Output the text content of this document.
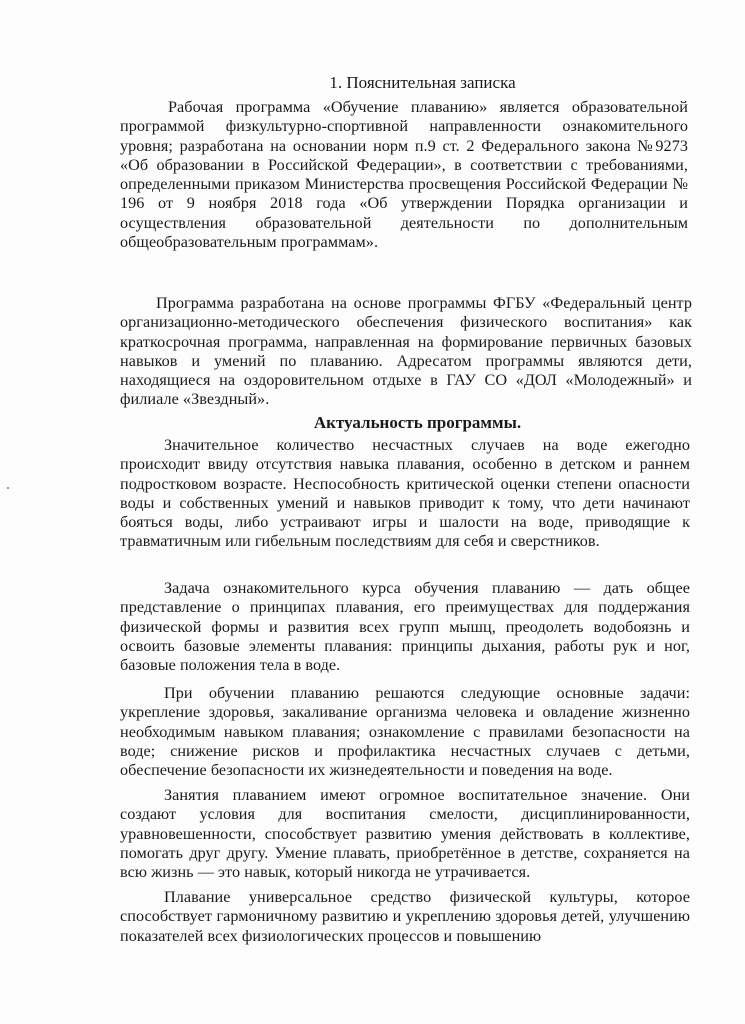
1. Пояснительная записка
Рабочая программа «Обучение плаванию» является образовательной программой физкультурно-спортивной направленности ознакомительного уровня; разработана на основании норм п.9 ст. 2 Федерального закона №9273 «Об образовании в Российской Федерации», в соответствии с требованиями, определенными приказом Министерства просвещения Российской Федерации № 196 от 9 ноября 2018 года «Об утверждении Порядка организации и осуществления образовательной деятельности по дополнительным общеобразовательным программам».
Программа разработана на основе программы ФГБУ «Федеральный центр организационно-методического обеспечения физического воспитания» как краткосрочная программа, направленная на формирование первичных базовых навыков и умений по плаванию. Адресатом программы являются дети, находящиеся на оздоровительном отдыхе в ГАУ СО «ДОЛ «Молодежный» и филиале «Звездный».
Актуальность программы.
Значительное количество несчастных случаев на воде ежегодно происходит ввиду отсутствия навыка плавания, особенно в детском и раннем подростковом возрасте. Неспособность критической оценки степени опасности воды и собственных умений и навыков приводит к тому, что дети начинают бояться воды, либо устраивают игры и шалости на воде, приводящие к травматичным или гибельным последствиям для себя и сверстников.
Задача ознакомительного курса обучения плаванию — дать общее представление о принципах плавания, его преимуществах для поддержания физической формы и развития всех групп мышц, преодолеть водобоязнь и освоить базовые элементы плавания: принципы дыхания, работы рук и ног, базовые положения тела в воде.
При обучении плаванию решаются следующие основные задачи: укрепление здоровья, закаливание организма человека и овладение жизненно необходимым навыком плавания; ознакомление с правилами безопасности на воде; снижение рисков и профилактика несчастных случаев с детьми, обеспечение безопасности их жизнедеятельности и поведения на воде.
Занятия плаванием имеют огромное воспитательное значение. Они создают условия для воспитания смелости, дисциплинированности, уравновешенности, способствует развитию умения действовать в коллективе, помогать друг другу. Умение плавать, приобретённое в детстве, сохраняется на всю жизнь — это навык, который никогда не утрачивается.
Плавание универсальное средство физической культуры, которое способствует гармоничному развитию и укреплению здоровья детей, улучшению показателей всех физиологических процессов и повышению
